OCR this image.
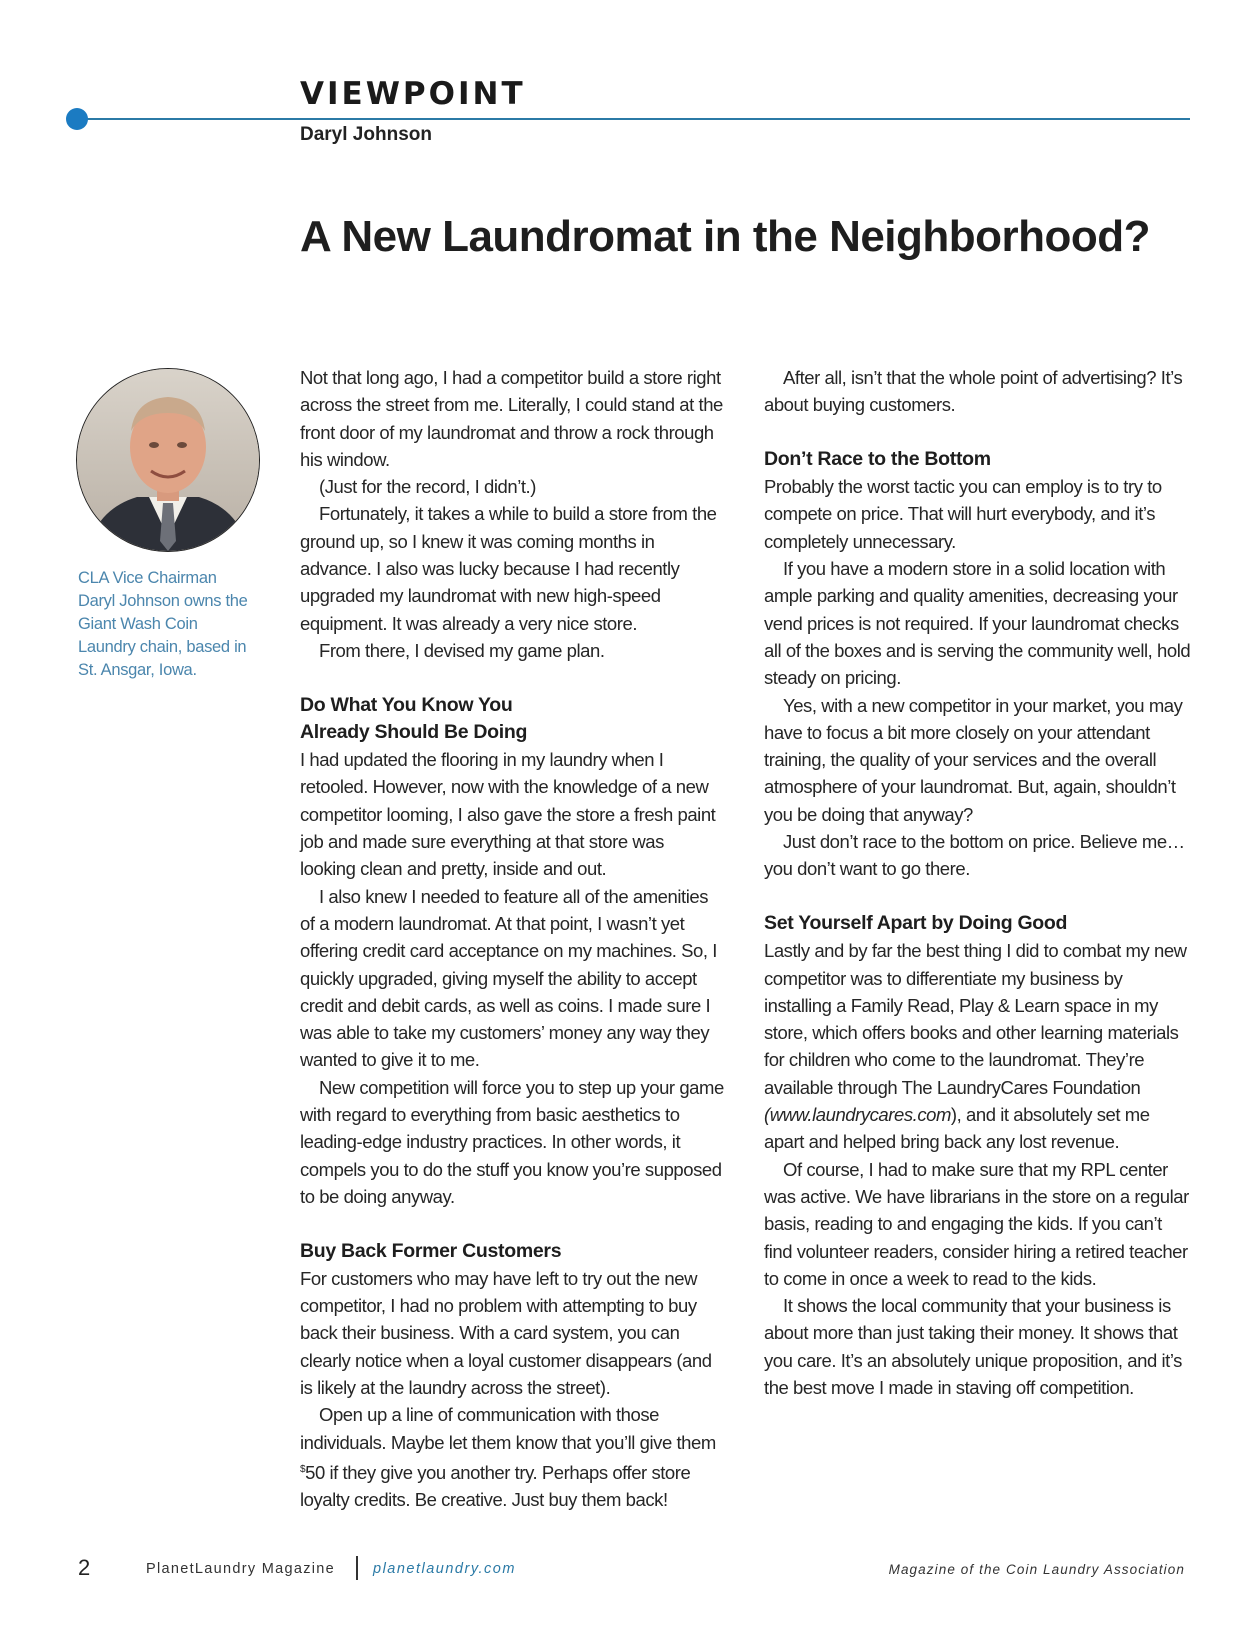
VIEWPOINT

Daryl Johnson

A New Laundromat in the Neighborhood?
CLA Vice Chairman Daryl Johnson owns the Giant Wash Coin Laundry chain, based in St. Ansgar, Iowa.

Not that long ago, I had a competitor build a store right across the street from me. Literally, I could stand at the front door of my laundromat and throw a rock through his window.

(Just for the record, I didn’t.)

Fortunately, it takes a while to build a store from the ground up, so I knew it was coming months in advance. I also was lucky because I had recently upgraded my laundromat with new high-speed equipment. It was already a very nice store.

From there, I devised my game plan.

Do What You Know You
Already Should Be Doing

I had updated the flooring in my laundry when I retooled. However, now with the knowledge of a new competitor looming, I also gave the store a fresh paint job and made sure everything at that store was looking clean and pretty, inside and out.

I also knew I needed to feature all of the amenities of a modern laundromat. At that point, I wasn’t yet offering credit card acceptance on my machines. So, I quickly upgraded, giving myself the ability to accept credit and debit cards, as well as coins. I made sure I was able to take my customers’ money any way they wanted to give it to me.

New competition will force you to step up your game with regard to everything from basic aesthetics to leading-edge industry practices. In other words, it compels you to do the stuff you know you’re supposed to be doing anyway.

Buy Back Former Customers

For customers who may have left to try out the new competitor, I had no problem with attempting to buy back their business. With a card system, you can clearly notice when a loyal customer disappears (and is likely at the laundry across the street).

Open up a line of communication with those individuals. Maybe let them know that you’ll give them $50 if they give you another try. Perhaps offer store loyalty credits. Be creative. Just buy them back!

After all, isn’t that the whole point of advertising? It’s about buying customers.

Don’t Race to the Bottom

Probably the worst tactic you can employ is to try to compete on price. That will hurt everybody, and it’s completely unnecessary.

If you have a modern store in a solid location with ample parking and quality amenities, decreasing your vend prices is not required. If your laundromat checks all of the boxes and is serving the community well, hold steady on pricing.

Yes, with a new competitor in your market, you may have to focus a bit more closely on your attendant training, the quality of your services and the overall atmosphere of your laundromat. But, again, shouldn’t you be doing that anyway?

Just don’t race to the bottom on price. Believe me… you don’t want to go there.

Set Yourself Apart by Doing Good

Lastly and by far the best thing I did to combat my new competitor was to differentiate my business by installing a Family Read, Play & Learn space in my store, which offers books and other learning materials for children who come to the laundromat. They’re available through The LaundryCares Foundation (www.laundrycares.com), and it absolutely set me apart and helped bring back any lost revenue.

Of course, I had to make sure that my RPL center was active. We have librarians in the store on a regular basis, reading to and engaging the kids. If you can’t find volunteer readers, consider hiring a retired teacher to come in once a week to read to the kids.

It shows the local community that your business is about more than just taking their money. It shows that you care. It’s an absolutely unique proposition, and it’s the best move I made in staving off competition.

2	PlanetLaundry Magazine	planetlaundry.com	Magazine of the Coin Laundry Association
